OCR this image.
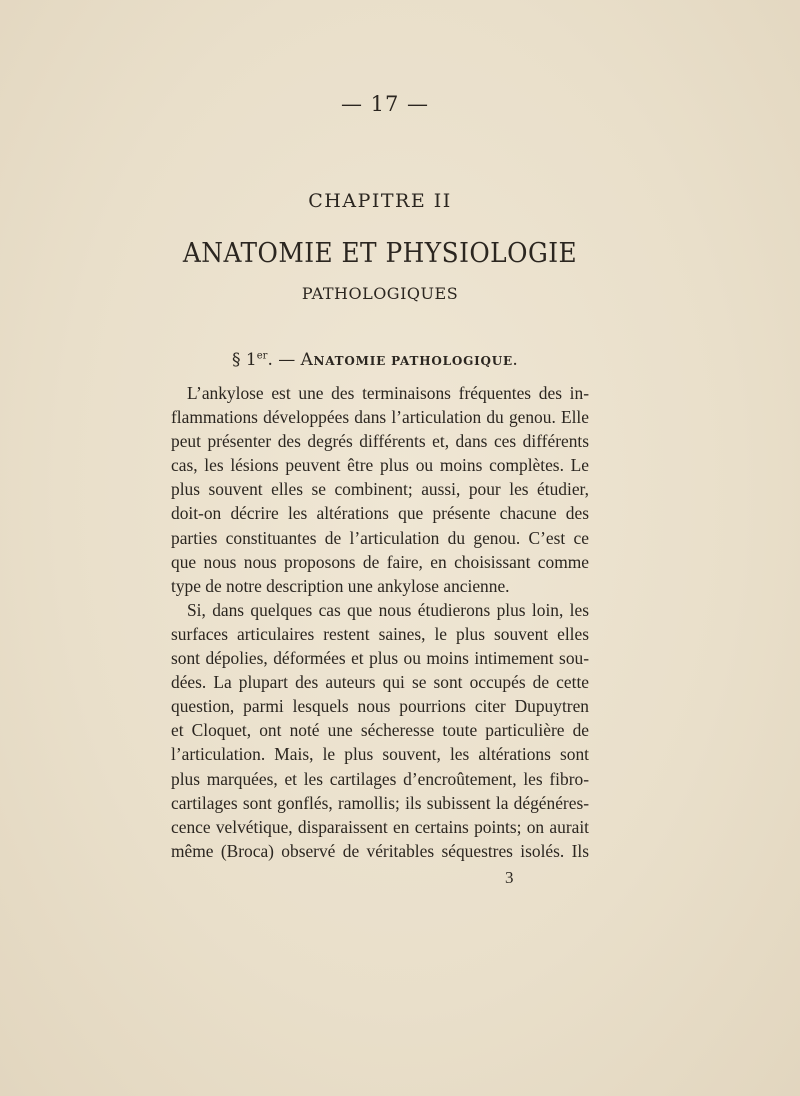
— 17 —
CHAPITRE II
ANATOMIE ET PHYSIOLOGIE
PATHOLOGIQUES
§ 1er. — ANATOMIE PATHOLOGIQUE.
L’ankylose est une des terminaisons fréquentes des in-
flammations développées dans l’articulation du genou. Elle
peut présenter des degrés différents et, dans ces différents
cas, les lésions peuvent être plus ou moins complètes. Le
plus souvent elles se combinent; aussi, pour les étudier,
doit-on décrire les altérations que présente chacune des
parties constituantes de l’articulation du genou. C’est ce
que nous nous proposons de faire, en choisissant comme
type de notre description une ankylose ancienne.
Si, dans quelques cas que nous étudierons plus loin, les
surfaces articulaires restent saines, le plus souvent elles
sont dépolies, déformées et plus ou moins intimement sou-
dées. La plupart des auteurs qui se sont occupés de cette
question, parmi lesquels nous pourrions citer Dupuytren
et Cloquet, ont noté une sécheresse toute particulière de
l’articulation. Mais, le plus souvent, les altérations sont
plus marquées, et les cartilages d’encroûtement, les fibro-
cartilages sont gonflés, ramollis; ils subissent la dégénéres-
cence velvétique, disparaissent en certains points; on aurait
même (Broca) observé de véritables séquestres isolés. Ils
3
